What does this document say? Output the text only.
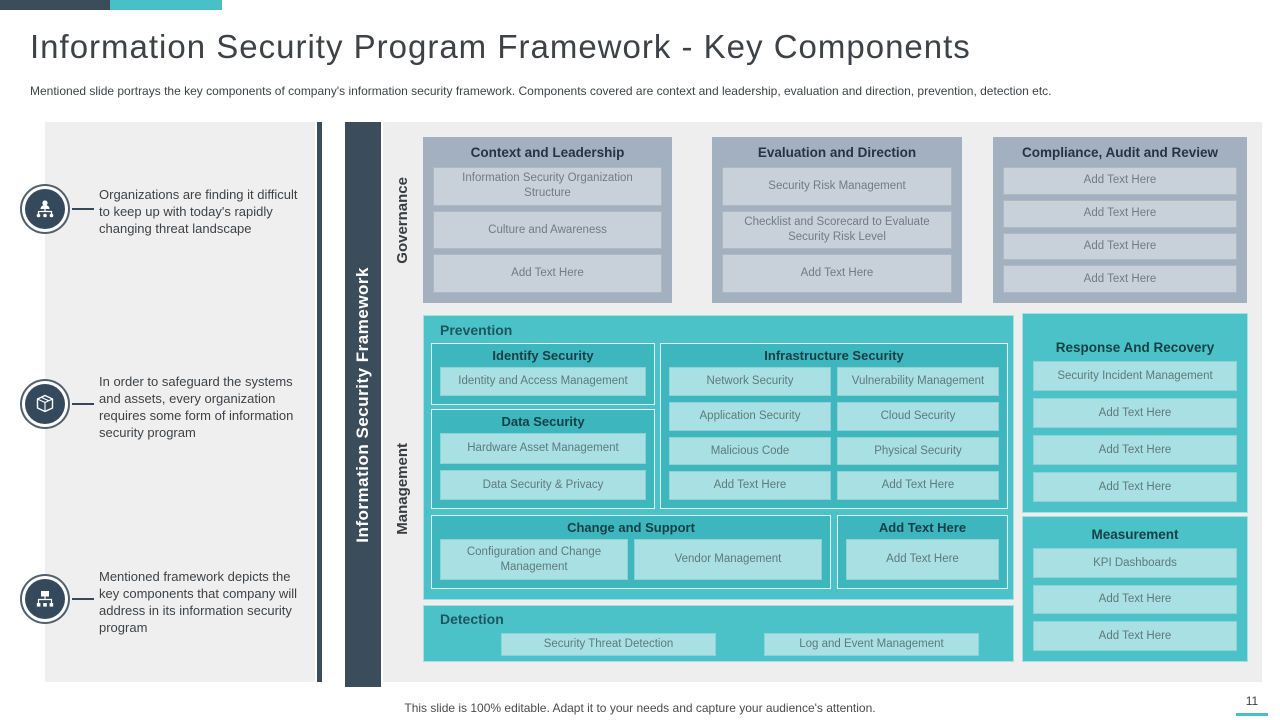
Information Security Program Framework - Key Components
Mentioned slide portrays the key components of company's information security framework. Components covered are context and leadership, evaluation and direction, prevention, detection etc.
Organizations are finding it difficult to keep up with today's rapidly changing threat landscape
In order to safeguard the systems and assets, every organization requires some form of information security program
Mentioned framework depicts the key components that company will address in its information security program
Information Security Framework
Governance
Context and Leadership
Information Security Organization Structure
Culture and Awareness
Add Text Here
Evaluation and Direction
Security Risk Management
Checklist and Scorecard to Evaluate Security Risk Level
Add Text Here
Compliance, Audit and Review
Add Text Here
Add Text Here
Add Text Here
Add Text Here
Management
Prevention
Identify Security
Identity and Access Management
Data Security
Hardware Asset Management
Data Security & Privacy
Infrastructure Security
Network Security	Vulnerability Management
Application Security	Cloud Security
Malicious Code	Physical Security
Add Text Here	Add Text Here
Change and Support
Configuration and Change Management
Vendor Management
Add Text Here
Add Text Here
Detection
Security Threat Detection	Log and Event Management
Response And Recovery
Security Incident Management
Add Text Here
Add Text Here
Add Text Here
Measurement
KPI Dashboards
Add Text Here
Add Text Here
This slide is 100% editable. Adapt it to your needs and capture your audience's attention.	11
